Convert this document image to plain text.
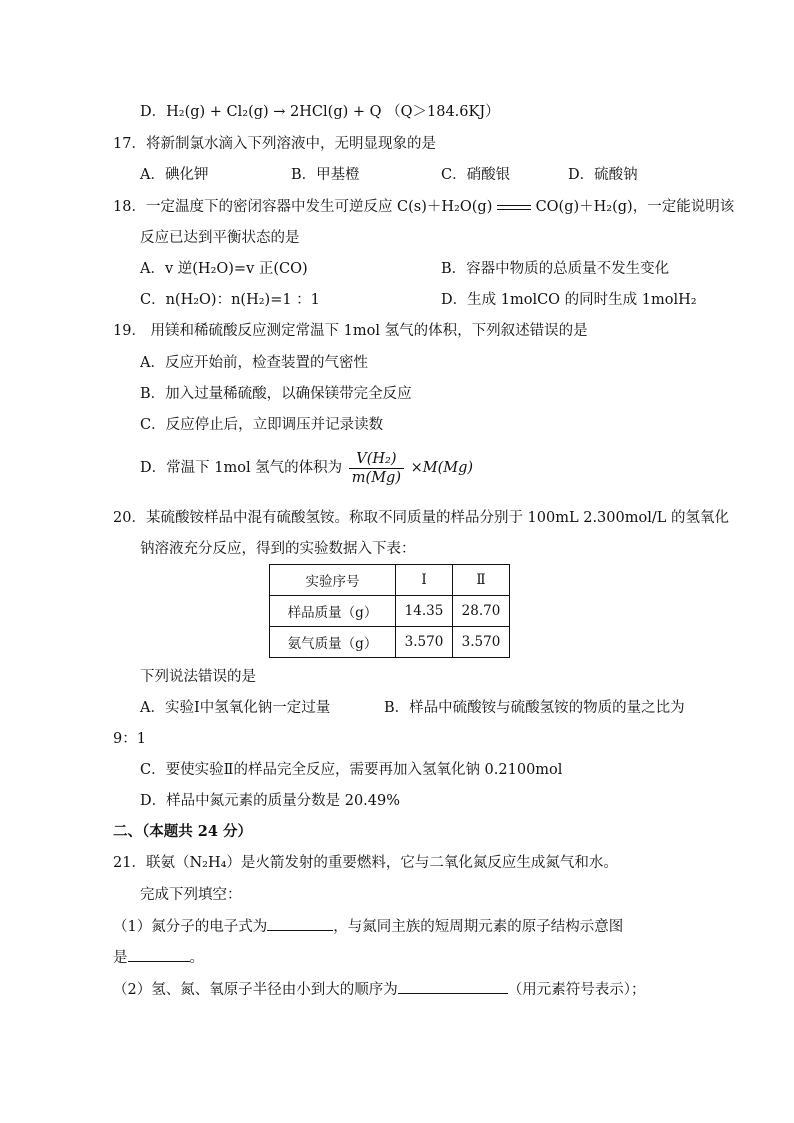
D．H₂(g) + Cl₂(g) → 2HCl(g) + Q （Q＞184.6KJ）
17．将新制氯水滴入下列溶液中，无明显现象的是
A．碘化钾	B．甲基橙	C．硝酸银	D．硫酸钠
18．一定温度下的密闭容器中发生可逆反应 C(s)＋H₂O(g)	CO(g)＋H₂(g)，一定能说明该
反应已达到平衡状态的是
A．v 逆(H₂O)=v 正(CO)	B．容器中物质的总质量不发生变化
C．n(H₂O)：n(H₂)=1 ：1	D．生成 1molCO 的同时生成 1molH₂
19． 用镁和稀硫酸反应测定常温下 1mol 氢气的体积，下列叙述错误的是
A．反应开始前，检查装置的气密性
B．加入过量稀硫酸，以确保镁带完全反应
C．反应停止后，立即调压并记录读数
D．常温下 1mol 氢气的体积为 $\frac{\text{V(H₂)}}{m(Mg)} \times M(Mg)$
20．某硫酸铵样品中混有硫酸氢铵。称取不同质量的样品分别于 100mL 2.300mol/L 的氢氧化
钠溶液充分反应，得到的实验数据入下表：
实验序号	Ⅰ	Ⅱ
样品质量（g）	14.35	28.70
氨气质量（g）	3.570	3.570
下列说法错误的是
A．实验Ⅰ中氢氧化钠一定过量	B．样品中硫酸铵与硫酸氢铵的物质的量之比为
9：1
C．要使实验Ⅱ的样品完全反应，需要再加入氢氧化钠 0.2100mol
D．样品中氮元素的质量分数是 20.49%
二、（本题共 24 分）
21．联氨（N₂H₄）是火箭发射的重要燃料，它与二氧化氮反应生成氮气和水。
完成下列填空：
（1）氮分子的电子式为	，与氮同主族的短周期元素的原子结构示意图
是	。
（2）氢、氮、氧原子半径由小到大的顺序为	（用元素符号表示）；
